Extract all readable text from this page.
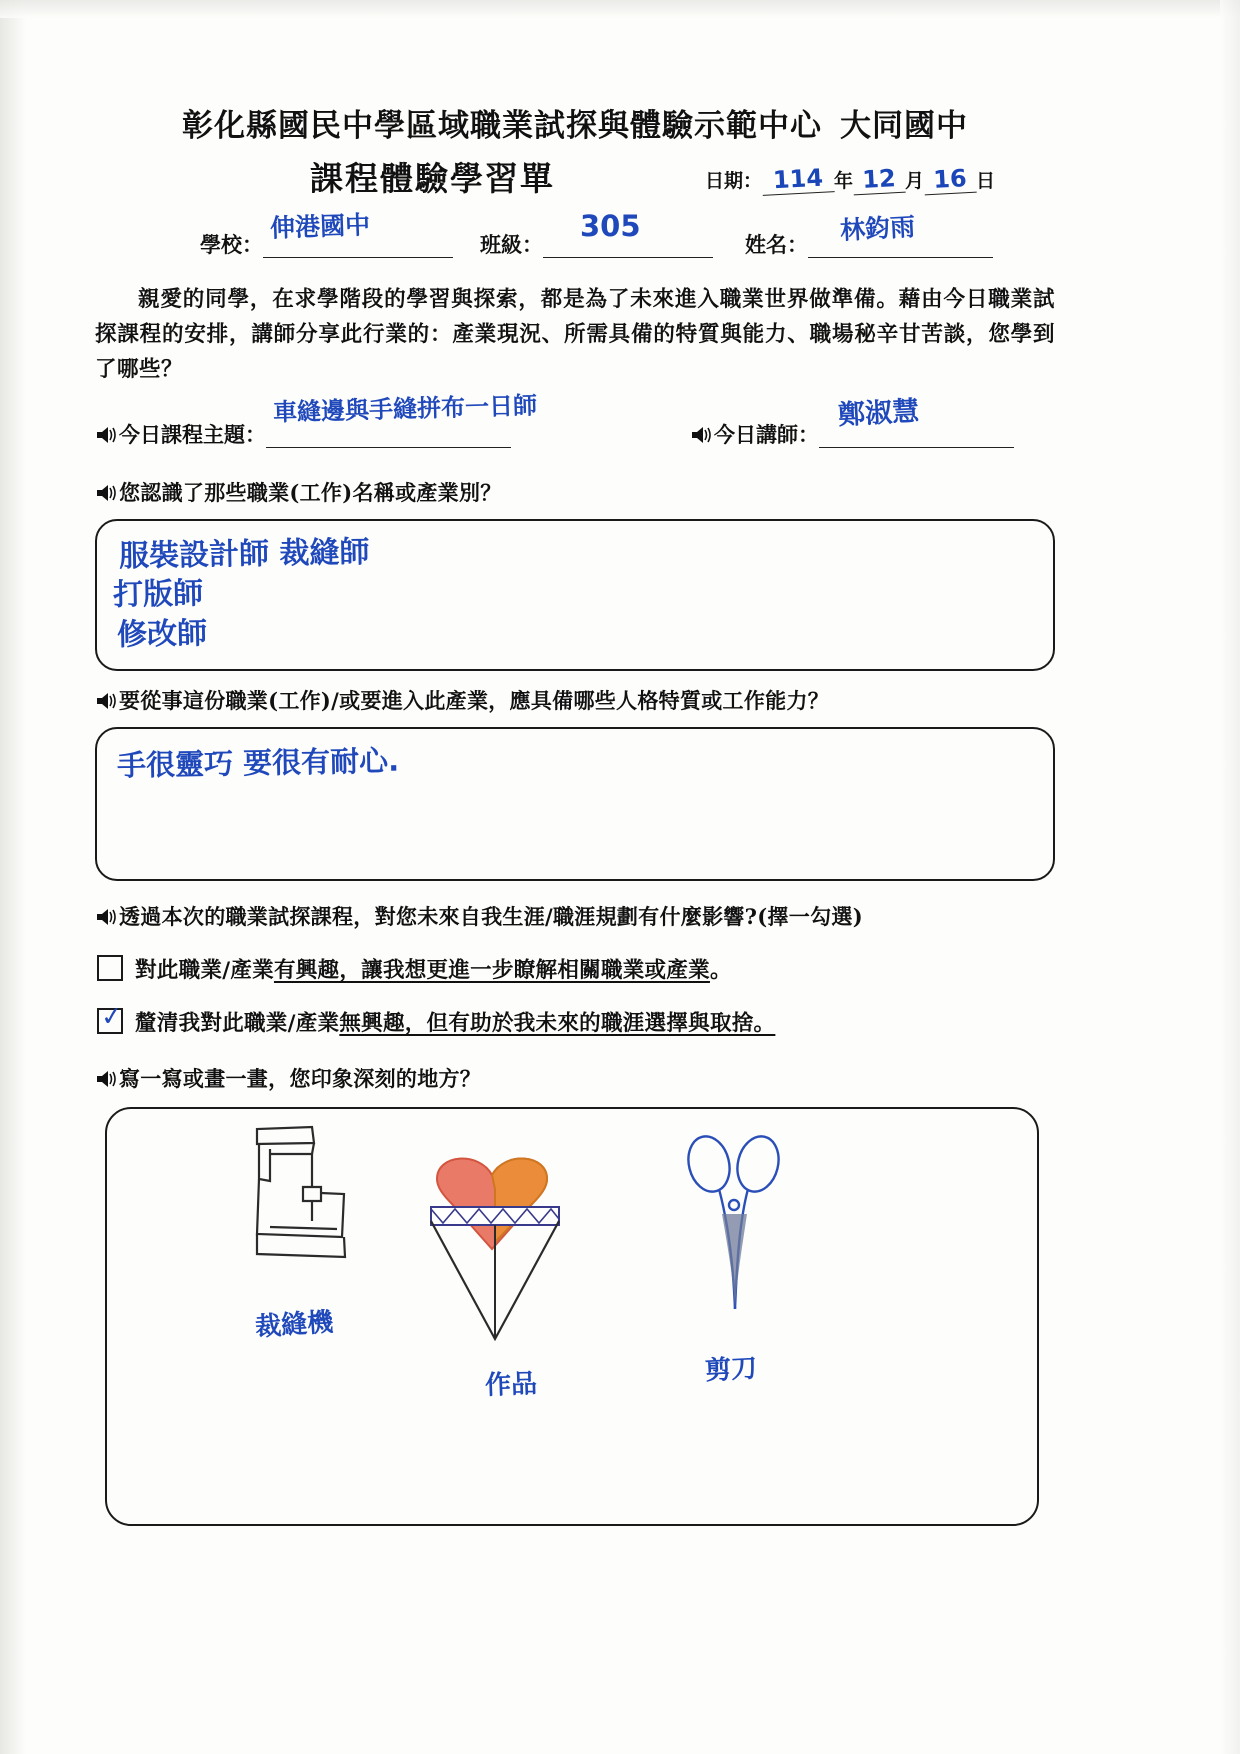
彰化縣國民中學區域職業試探與體驗示範中心 大同國中
課程體驗學習單	日期： 114 年 12 月 16 日
學校：
伸港國中
班級：
305
姓名： 林鈞雨
親愛的同學，在求學階段的學習與探索，都是為了未來進入職業世界做準備。藉由今日職業試探課程的安排，講師分享此行業的：產業現況、所需具備的特質與能力、職場秘辛甘苦談，您學到了哪些？
今日課程主題：
車縫邊與手縫拼布一日師
今日講師：
鄭淑慧
您認識了那些職業(工作)名稱或產業別？
服裝設計師 裁縫師
打版師
修改師
要從事這份職業(工作)/或要進入此產業，應具備哪些人格特質或工作能力？
手很靈巧 要很有耐心.
透過本次的職業試探課程，對您未來自我生涯/職涯規劃有什麼影響?(擇一勾選)
對此職業/產業有興趣，讓我想更進一步瞭解相關職業或產業。
✓ 釐清我對此職業/產業無興趣，但有助於我未來的職涯選擇與取捨。
寫一寫或畫一畫，您印象深刻的地方？
裁縫機
作品	剪刀
